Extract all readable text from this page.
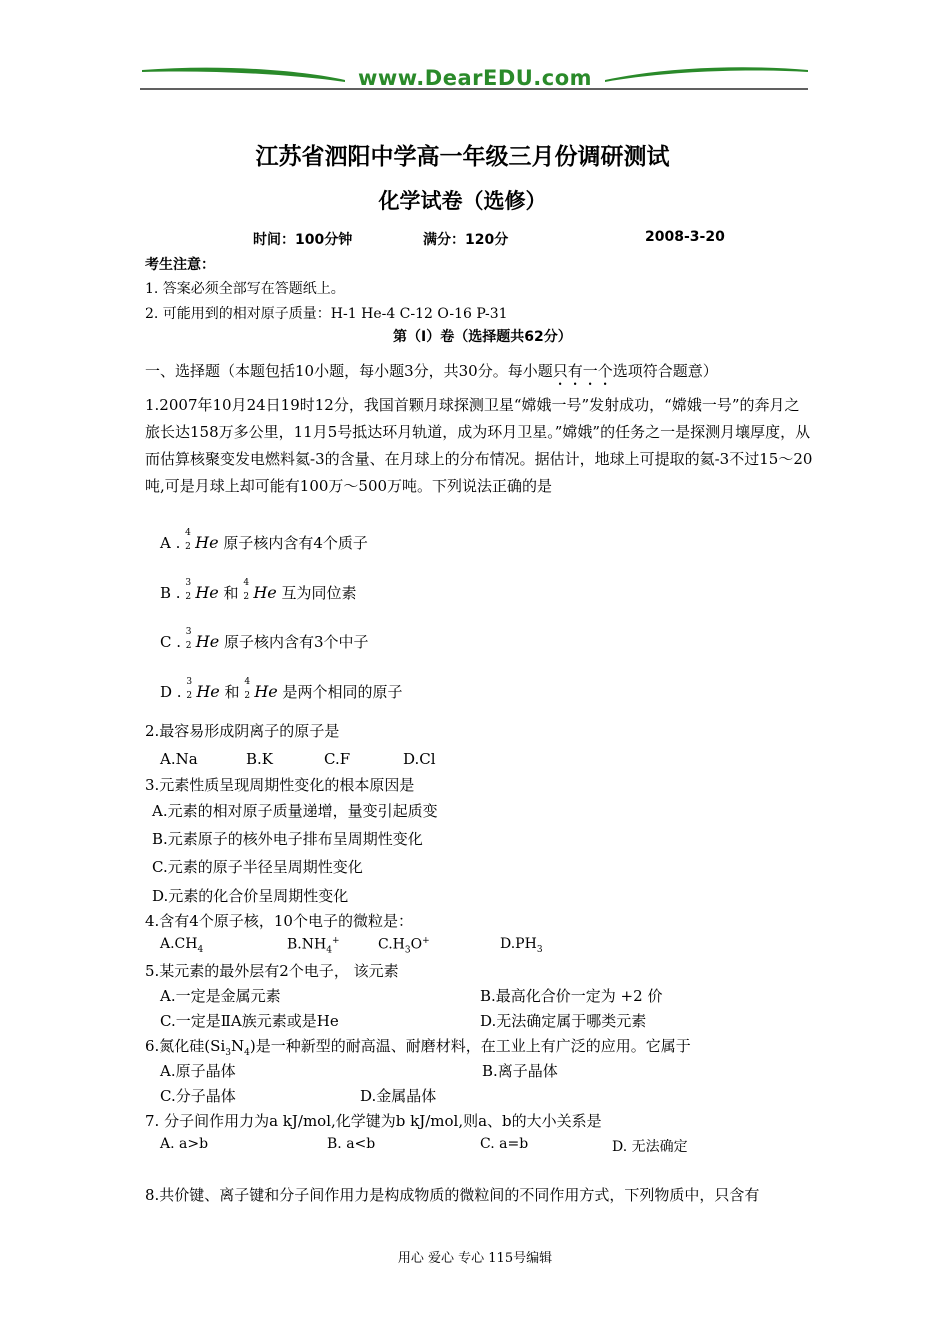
www.DearEDU.com
江苏省泗阳中学高一年级三月份调研测试
化学试卷（选修）
时间：100分钟	满分：120分	2008-3-20
考生注意：
1. 答案必须全部写在答题纸上。
2. 可能用到的相对原子质量：H-1 He-4 C-12 O-16 P-31
第（Ⅰ）卷（选择题共62分）
一、选择题（本题包括10小题，每小题3分，共30分。每小题只有一个选项符合题意）
1.2007年10月24日19时12分，我国首颗月球探测卫星“嫦娥一号”发射成功，“嫦娥一号”的奔月之旅长达158万多公里，11月5号抵达环月轨道，成为环月卫星。”嫦娥”的任务之一是探测月壤厚度，从而估算核聚变发电燃料氦-3的含量、在月球上的分布情况。据估计，地球上可提取的氦-3不过15～20吨,可是月球上却可能有100万～500万吨。下列说法正确的是
A .
4
2 He 原子核内含有4个质子
B .
3
2 He 和
4
2 He 互为同位素
C .
3
2 He 原子核内含有3个中子
D .
3
2 He 和
4
2 He 是两个相同的原子
2.最容易形成阴离子的原子是
A.Na	B.K	C.F	D.Cl
3.元素性质呈现周期性变化的根本原因是
A.元素的相对原子质量递增，量变引起质变
B.元素原子的核外电子排布呈周期性变化
C.元素的原子半径呈周期性变化
D.元素的化合价呈周期性变化
4.含有4个原子核，10个电子的微粒是：
$A.CH_4$	$B.NH_4^+$	$C.H_3O^+$	$D.PH_3$
5.某元素的最外层有2个电子， 该元素
A.一定是金属元素	B.最高化合价一定为 +2 价
C.一定是ⅡA族元素或是He	D.无法确定属于哪类元素
6.氮化硅$(Si_3N_4)$是一种新型的耐高温、耐磨材料，在工业上有广泛的应用。它属于
A.原子晶体	B.离子晶体
C.分子晶体	D.金属晶体
7. 分子间作用力为a kJ/mol,化学键为b kJ/mol,则a、b的大小关系是
A. a>b	B. a<b	C. a=b	D. 无法确定
8.共价键、离子键和分子间作用力是构成物质的微粒间的不同作用方式，下列物质中，只含有
用心 爱心 专心 115号编辑
